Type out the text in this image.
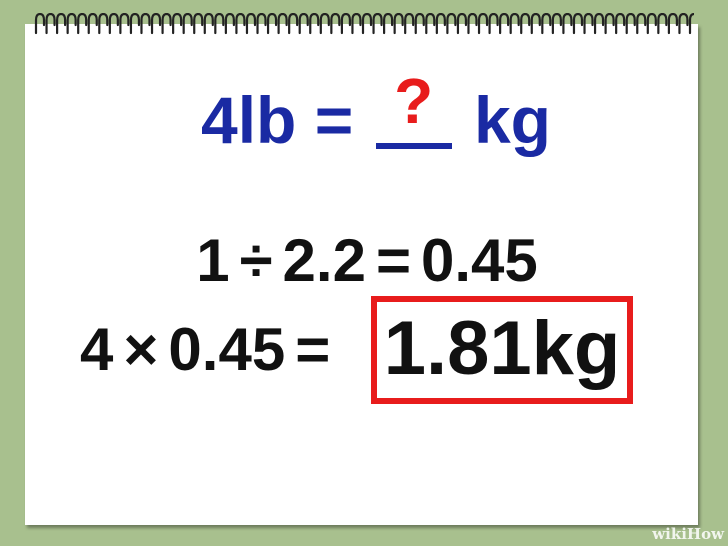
4lb = ? kg
1 ÷ 2.2 = 0.45
4 × 0.45 = 1.81kg
wikiHow
